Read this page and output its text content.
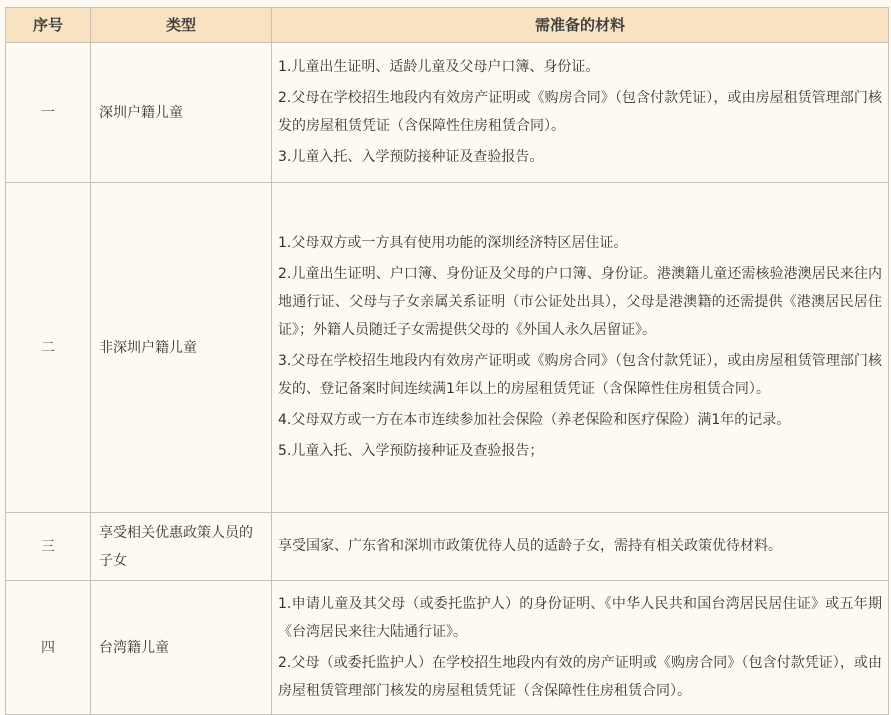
序号	类型	需准备的材料
一	深圳户籍儿童	1.儿童出生证明、适龄儿童及父母户口簿、身份证。

2.父母在学校招生地段内有效房产证明或《购房合同》（包含付款凭证），或由房屋租赁管理部门核发的房屋租赁凭证（含保障性住房租赁合同）。

3.儿童入托、入学预防接种证及查验报告。

二	非深圳户籍儿童	1.父母双方或一方具有使用功能的深圳经济特区居住证。

2.儿童出生证明、户口簿、身份证及父母的户口簿、身份证。港澳籍儿童还需核验港澳居民来往内地通行证、父母与子女亲属关系证明（市公证处出具），父母是港澳籍的还需提供《港澳居民居住证》；外籍人员随迁子女需提供父母的《外国人永久居留证》。

3.父母在学校招生地段内有效房产证明或《购房合同》（包含付款凭证），或由房屋租赁管理部门核发的、登记备案时间连续满1年以上的房屋租赁凭证（含保障性住房租赁合同）。

4.父母双方或一方在本市连续参加社会保险（养老保险和医疗保险）满1年的记录。

5.儿童入托、入学预防接种证及查验报告；

三	享受相关优惠政策人员的子女	享受国家、广东省和深圳市政策优待人员的适龄子女，需持有相关政策优待材料。

四	台湾籍儿童	1.申请儿童及其父母（或委托监护人）的身份证明、《中华人民共和国台湾居民居住证》或五年期《台湾居民来往大陆通行证》。

2.父母（或委托监护人）在学校招生地段内有效的房产证明或《购房合同》（包含付款凭证），或由房屋租赁管理部门核发的房屋租赁凭证（含保障性住房租赁合同）。
